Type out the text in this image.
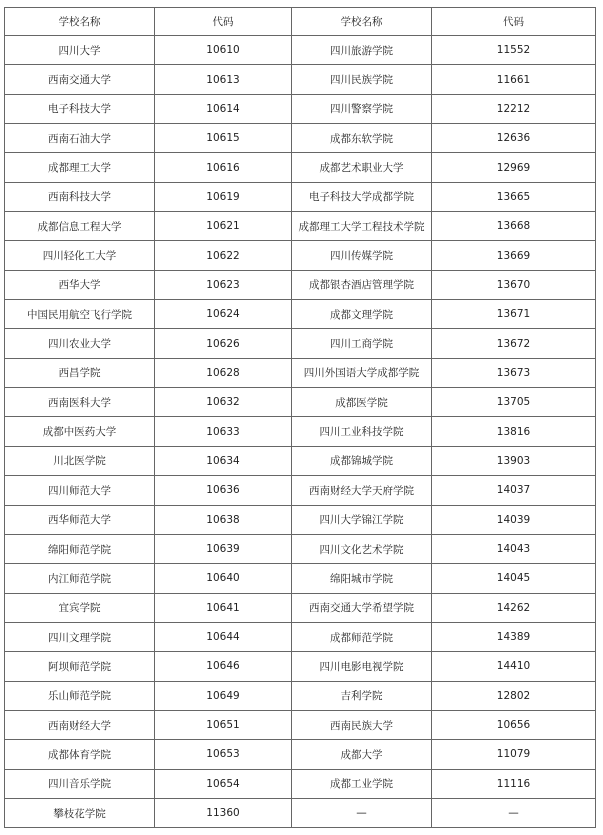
学校名称	代码	学校名称	代码
四川大学	10610	四川旅游学院	11552
西南交通大学	10613	四川民族学院	11661
电子科技大学	10614	四川警察学院	12212
西南石油大学	10615	成都东软学院	12636
成都理工大学	10616	成都艺术职业大学	12969
西南科技大学	10619	电子科技大学成都学院	13665
成都信息工程大学	10621	成都理工大学工程技术学院	13668
四川轻化工大学	10622	四川传媒学院	13669
西华大学	10623	成都银杏酒店管理学院	13670
中国民用航空飞行学院	10624	成都文理学院	13671
四川农业大学	10626	四川工商学院	13672
西昌学院	10628	四川外国语大学成都学院	13673
西南医科大学	10632	成都医学院	13705
成都中医药大学	10633	四川工业科技学院	13816
川北医学院	10634	成都锦城学院	13903
四川师范大学	10636	西南财经大学天府学院	14037
西华师范大学	10638	四川大学锦江学院	14039
绵阳师范学院	10639	四川文化艺术学院	14043
内江师范学院	10640	绵阳城市学院	14045
宜宾学院	10641	西南交通大学希望学院	14262
四川文理学院	10644	成都师范学院	14389
阿坝师范学院	10646	四川电影电视学院	14410
乐山师范学院	10649	吉利学院	12802
西南财经大学	10651	西南民族大学	10656
成都体育学院	10653	成都大学	11079
四川音乐学院	10654	成都工业学院	11116
攀枝花学院	11360	—	—
